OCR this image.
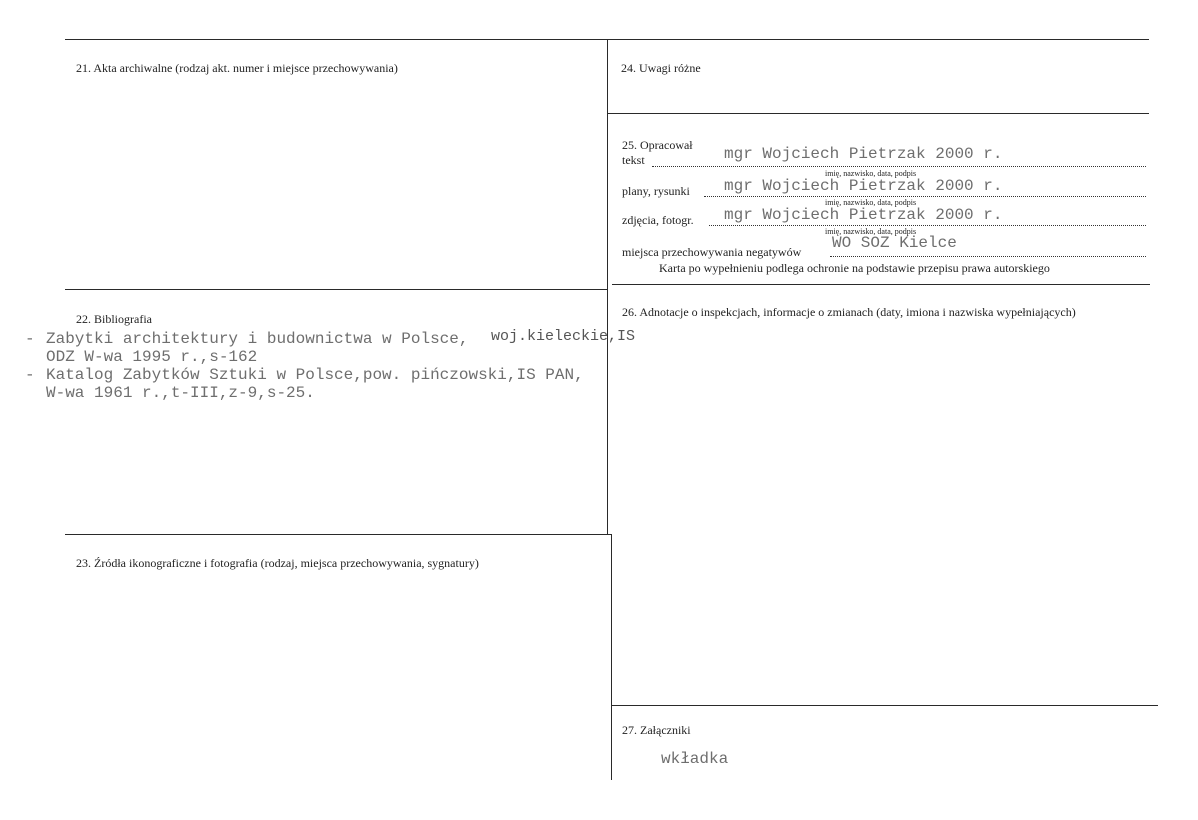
21. Akta archiwalne (rodzaj akt. numer i miejsce przechowywania)
22. Bibliografia
- Zabytki architektury i budownictwa w Polsce, woj.kieleckie,IS
ODZ W-wa 1995 r.,s-162
- Katalog Zabytków Sztuki w Polsce,pow. pińczowski,IS PAN,
W-wa 1961 r.,t-III,z-9,s-25.
23. Źródła ikonograficzne i fotografia (rodzaj, miejsca przechowywania, sygnatury)
24. Uwagi różne
25. Opracował
tekst	mgr Wojciech Pietrzak 2000 r.
imię, nazwisko, data, podpis
plany, rysunki mgr Wojciech Pietrzak 2000 r.
imię, nazwisko, data, podpis
zdjęcia, fotogr. mgr Wojciech Pietrzak 2000 r.
imię, nazwisko, data, podpis
miejsca przechowywania negatywów WO SOZ Kielce
Karta po wypełnieniu podlega ochronie na podstawie przepisu prawa autorskiego
26. Adnotacje o inspekcjach, informacje o zmianach (daty, imiona i nazwiska wypełniających)
27. Załączniki
wkładka
